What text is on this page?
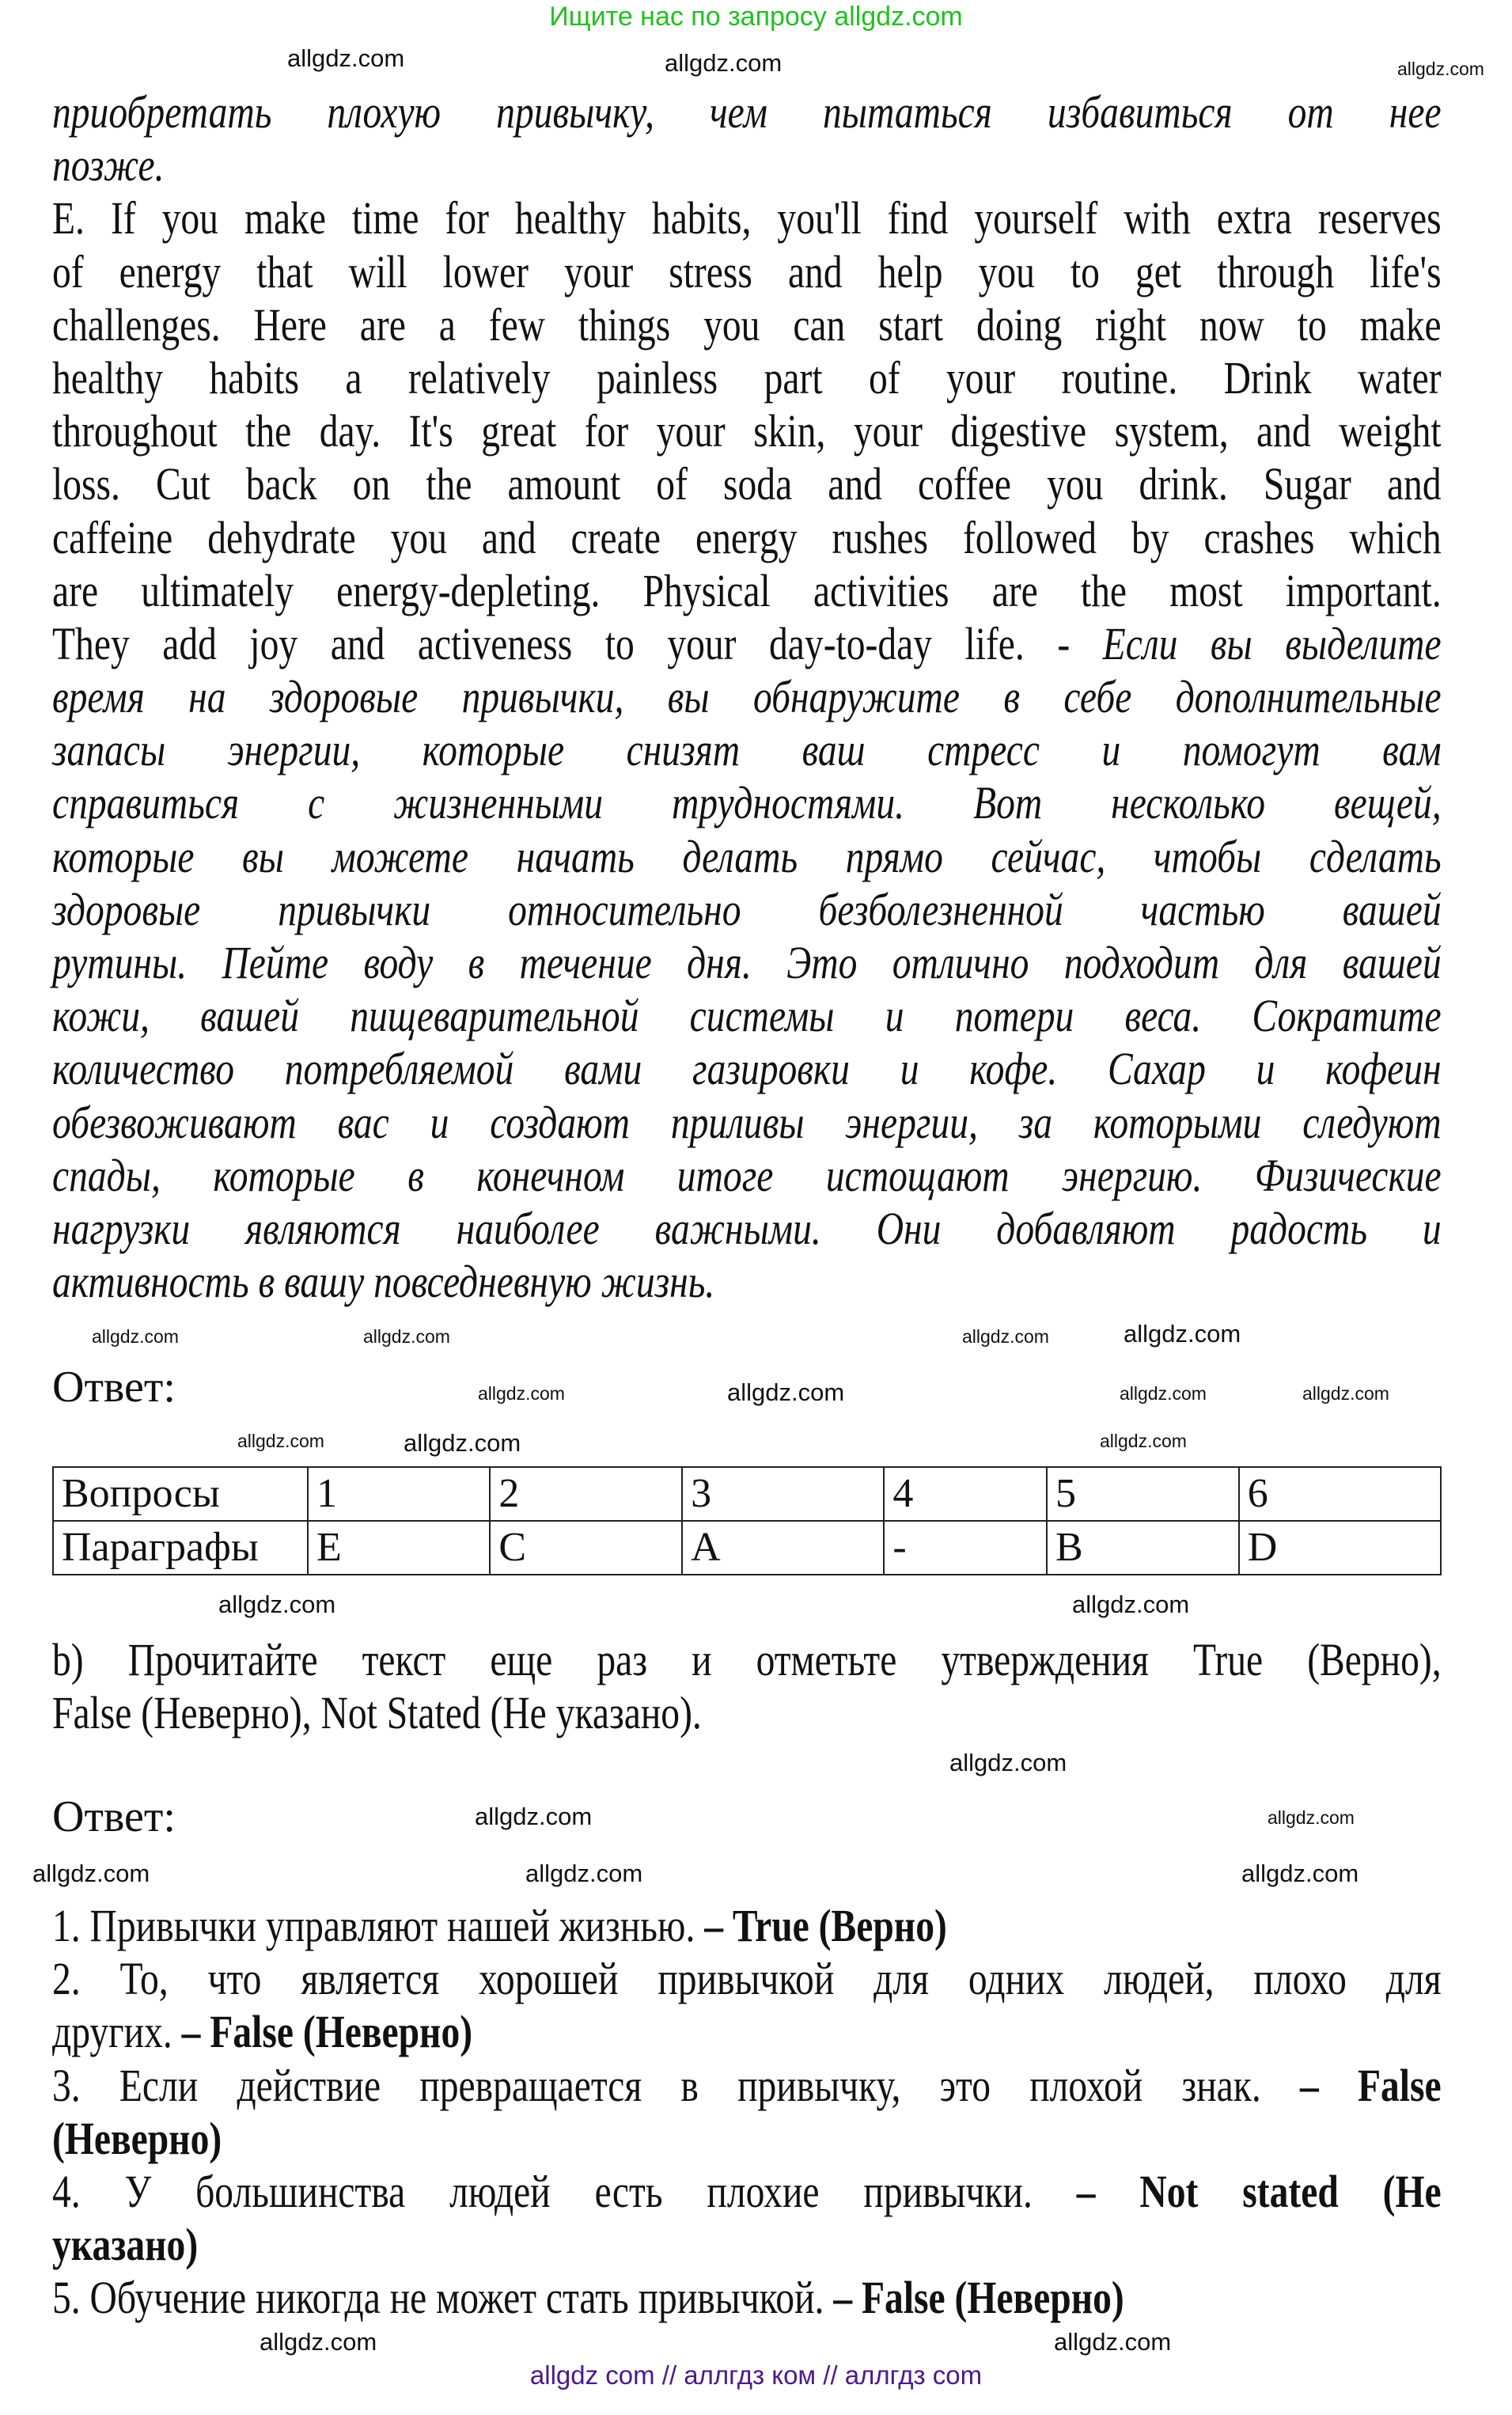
Ищите нас по запросу allgdz.com
приобретать плохую привычку, чем пытаться избавиться от нее
позже.
E. If you make time for healthy habits, you'll find yourself with extra reserves
of energy that will lower your stress and help you to get through life's
challenges. Here are a few things you can start doing right now to make
healthy habits a relatively painless part of your routine. Drink water
throughout the day. It's great for your skin, your digestive system, and weight
loss. Cut back on the amount of soda and coffee you drink. Sugar and
caffeine dehydrate you and create energy rushes followed by crashes which
are ultimately energy-depleting. Physical activities are the most important.
They add joy and activeness to your day-to-day life. - Если вы выделите
время на здоровые привычки, вы обнаружите в себе дополнительные
запасы энергии, которые снизят ваш стресс и помогут вам
справиться с жизненными трудностями. Вот несколько вещей,
которые вы можете начать делать прямо сейчас, чтобы сделать
здоровые привычки относительно безболезненной частью вашей
рутины. Пейте воду в течение дня. Это отлично подходит для вашей
кожи, вашей пищеварительной системы и потери веса. Сократите
количество потребляемой вами газировки и кофе. Сахар и кофеин
обезвоживают вас и создают приливы энергии, за которыми следуют
спады, которые в конечном итоге истощают энергию. Физические
нагрузки являются наиболее важными. Они добавляют радость и
активность в вашу повседневную жизнь.
Ответ:
Вопросы	1	2	3	4	5	6
Параграфы	E	C	A	-	B	D
b) Прочитайте текст еще раз и отметьте утверждения True (Верно),
False (Неверно), Not Stated (Не указано).
Ответ:
1. Привычки управляют нашей жизнью. – True (Верно)
2. То, что является хорошей привычкой для одних людей, плохо для
других. – False (Неверно)
3. Если действие превращается в привычку, это плохой знак. – False
(Неверно)
4. У большинства людей есть плохие привычки. – Not stated (Не
указано)
5. Обучение никогда не может стать привычкой. – False (Неверно)
allgdz.com	allgdz.com	allgdz.com
allgdz.com
allgdz.com	allgdz.com
allgdz.com
allgdz.com	allgdz.com
allgdz.com
allgdz.com
allgdz.com
allgdz.com
allgdz.com
allgdz.com	allgdz.com
allgdz.com
allgdz.com
allgdz.com	allgdz.com
allgdz.com
allgdz.com
allgdz.com	allgdz.com
allgdz com // аллгдз ком // аллгдз com
